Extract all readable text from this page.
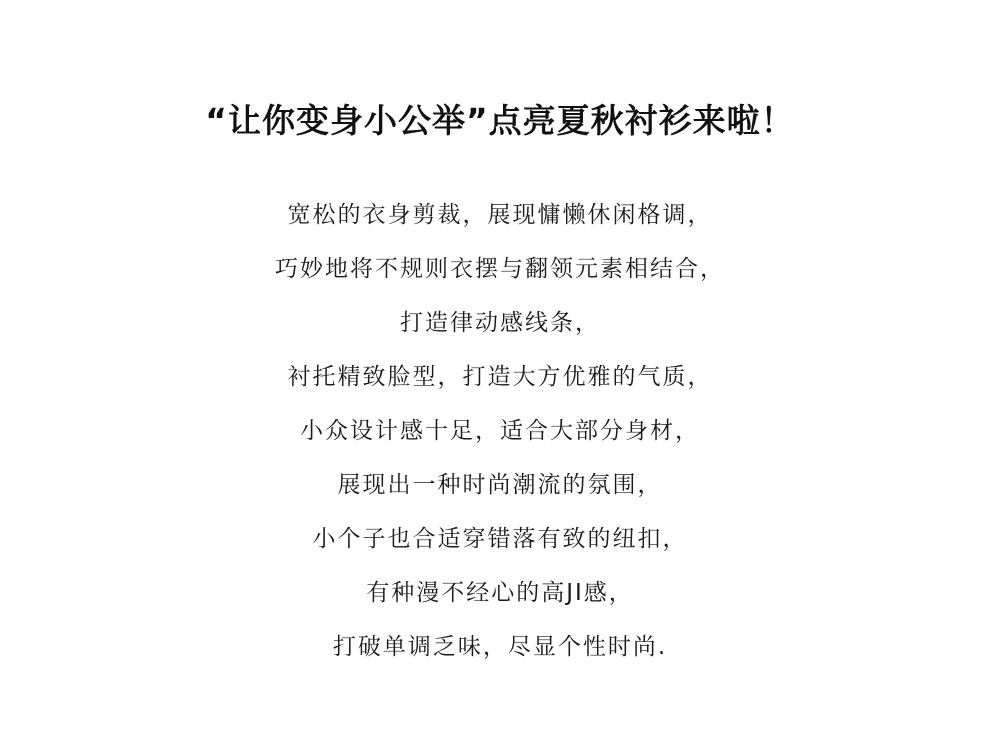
“让你变身小公举”点亮夏秋衬衫来啦！
宽松的衣身剪裁，展现慵懒休闲格调，
巧妙地将不规则衣摆与翻领元素相结合，
打造律动感线条，
衬托精致脸型，打造大方优雅的气质，
小众设计感十足，适合大部分身材，
展现出一种时尚潮流的氛围，
小个子也合适穿错落有致的纽扣，
有种漫不经心的高JI感，
打破单调乏味，尽显个性时尚.
